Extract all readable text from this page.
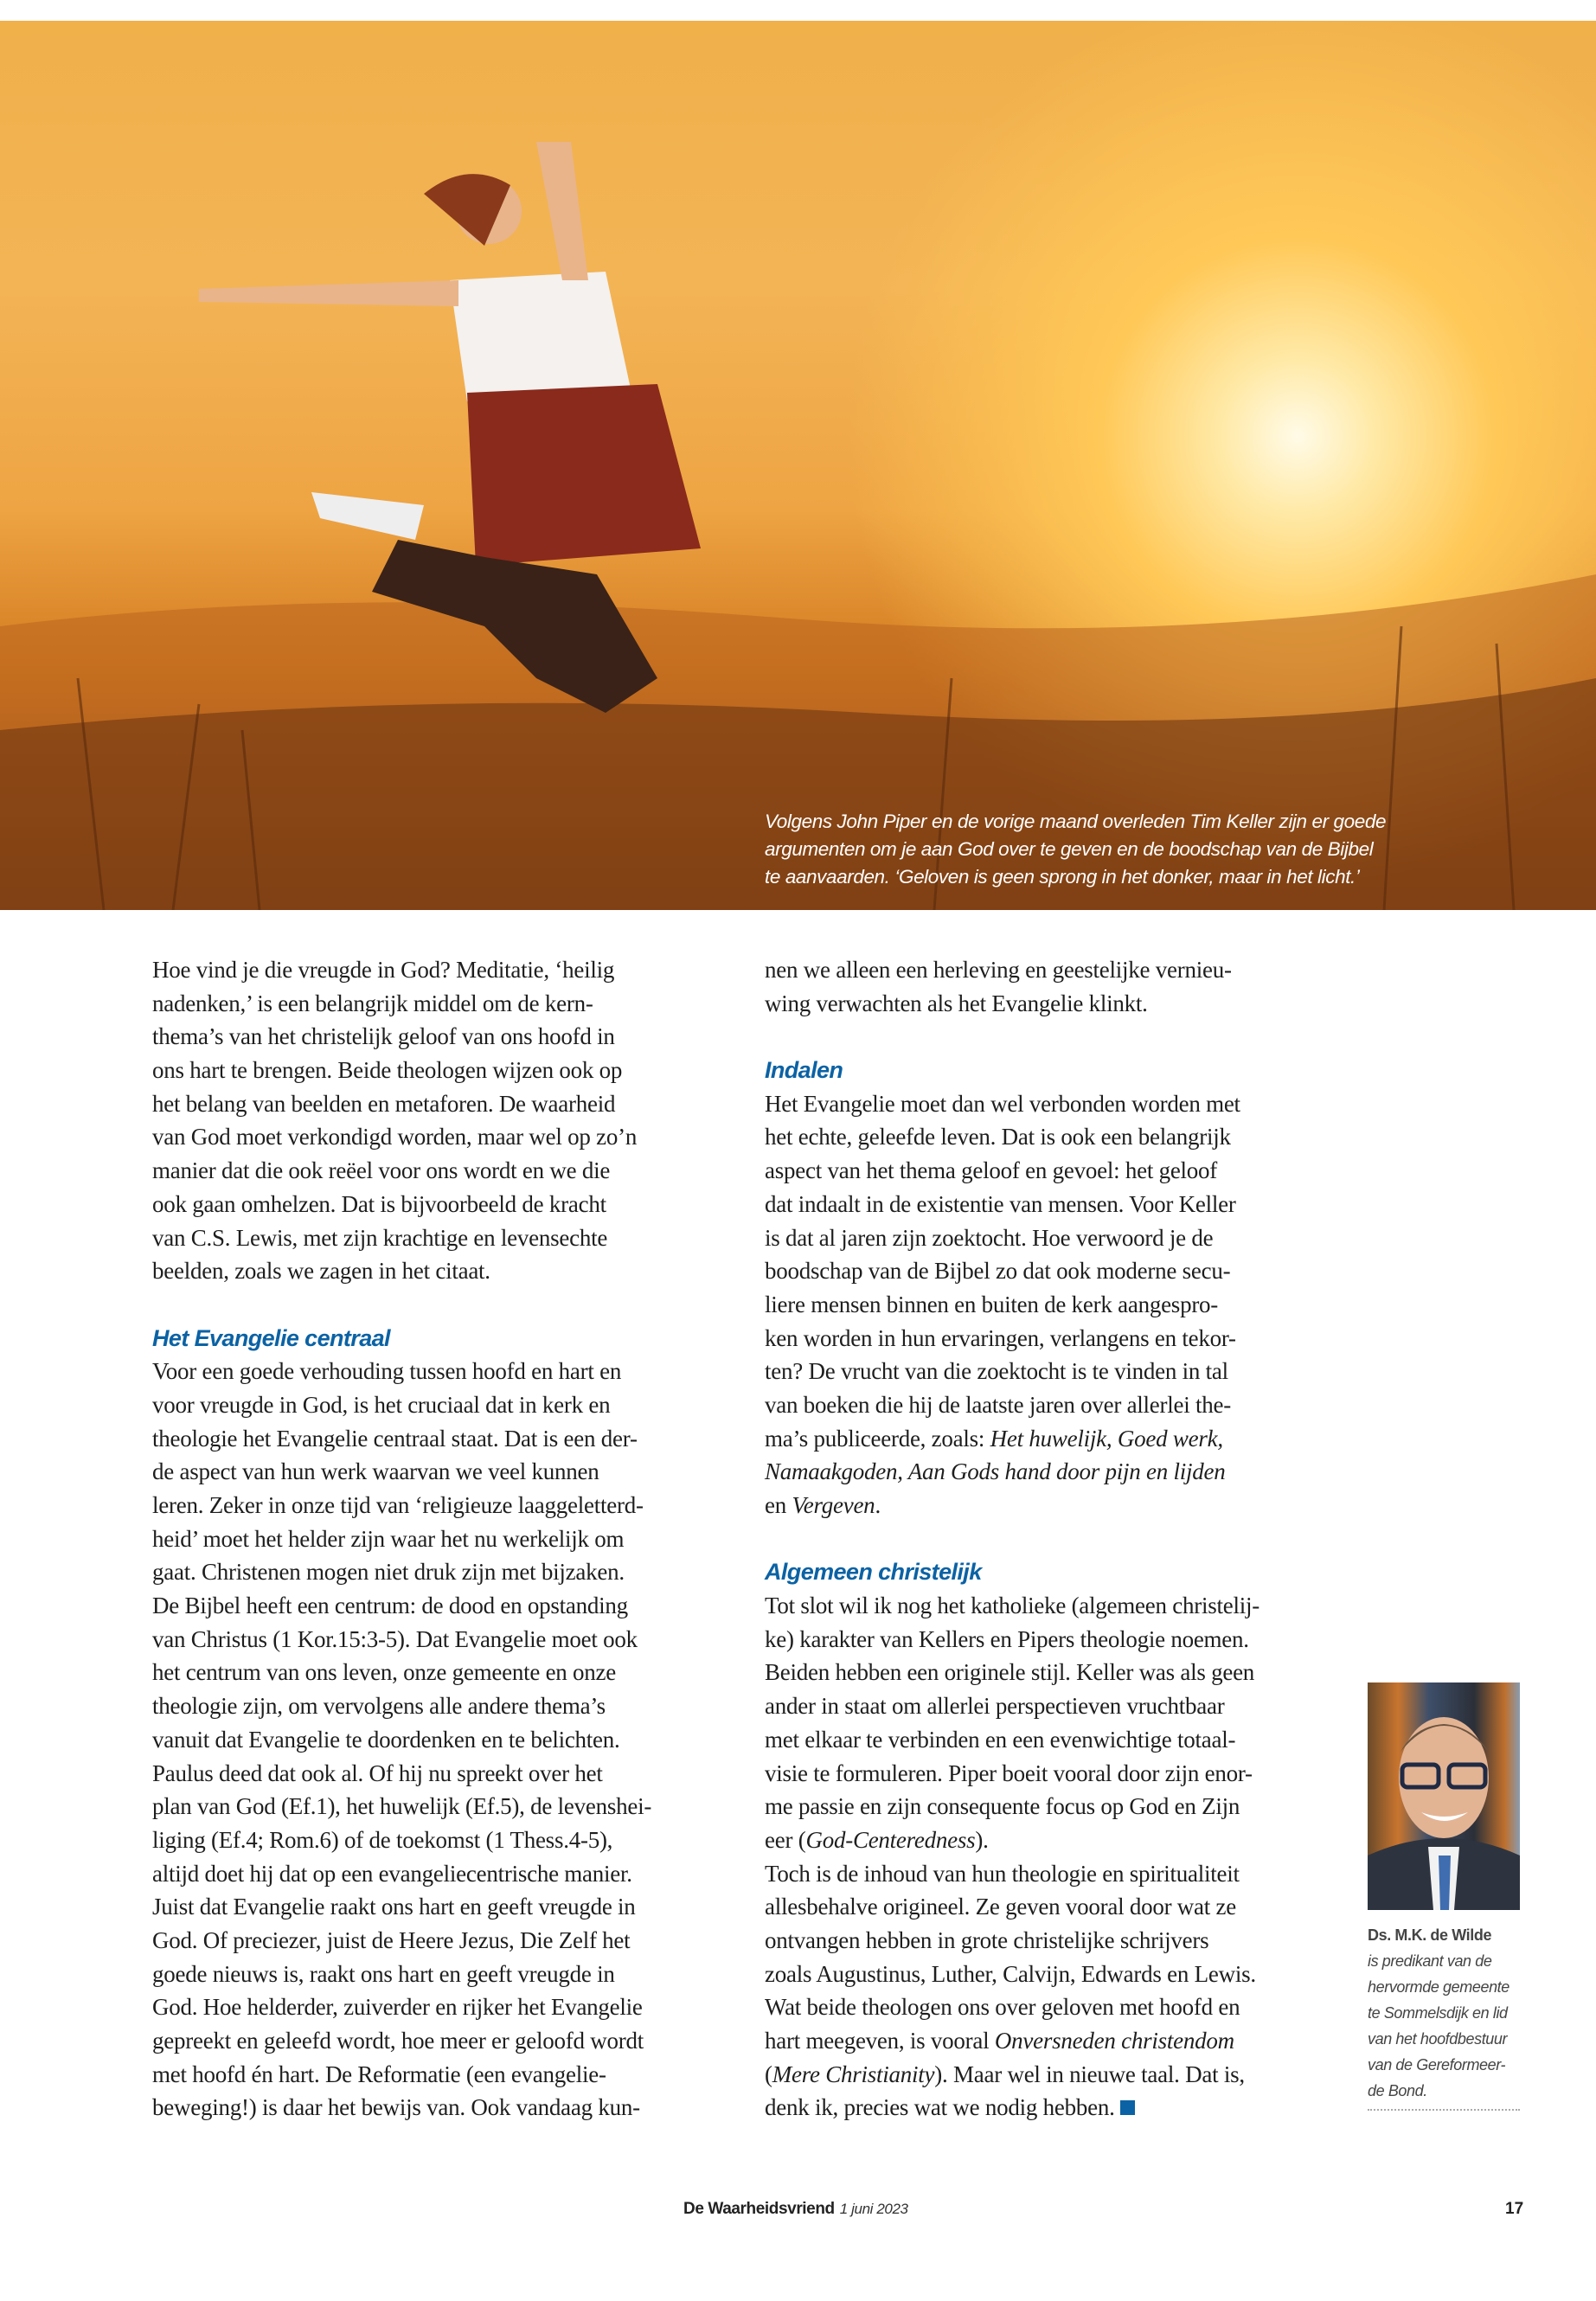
Volgens John Piper en de vorige maand overleden Tim Keller zijn er goede
argumenten om je aan God over te geven en de boodschap van de Bijbel
te aanvaarden. ‘Geloven is geen sprong in het donker, maar in het licht.’
Hoe vind je die vreugde in God? Meditatie, ‘heilig
nadenken,’ is een belangrijk middel om de kern-
thema’s van het christelijk geloof van ons hoofd in
ons hart te brengen. Beide theologen wijzen ook op
het belang van beelden en metaforen. De waarheid
van God moet verkondigd worden, maar wel op zo’n
manier dat die ook reëel voor ons wordt en we die
ook gaan omhelzen. Dat is bijvoorbeeld de kracht
van C.S. Lewis, met zijn krachtige en levensechte
beelden, zoals we zagen in het citaat.
Het Evangelie centraal
Voor een goede verhouding tussen hoofd en hart en
voor vreugde in God, is het cruciaal dat in kerk en
theologie het Evangelie centraal staat. Dat is een der-
de aspect van hun werk waarvan we veel kunnen
leren. Zeker in onze tijd van ‘religieuze laaggeletterd-
heid’ moet het helder zijn waar het nu werkelijk om
gaat. Christenen mogen niet druk zijn met bijzaken.
De Bijbel heeft een centrum: de dood en opstanding
van Christus (1 Kor.15:3-5). Dat Evangelie moet ook
het centrum van ons leven, onze gemeente en onze
theologie zijn, om vervolgens alle andere thema’s
vanuit dat Evangelie te doordenken en te belichten.
Paulus deed dat ook al. Of hij nu spreekt over het
plan van God (Ef.1), het huwelijk (Ef.5), de levenshei-
liging (Ef.4; Rom.6) of de toekomst (1 Thess.4-5),
altijd doet hij dat op een evangeliecentrische manier.
Juist dat Evangelie raakt ons hart en geeft vreugde in
God. Of preciezer, juist de Heere Jezus, Die Zelf het
goede nieuws is, raakt ons hart en geeft vreugde in
God. Hoe helderder, zuiverder en rijker het Evangelie
gepreekt en geleefd wordt, hoe meer er geloofd wordt
met hoofd én hart. De Reformatie (een evangelie-
beweging!) is daar het bewijs van. Ook vandaag kun-
nen we alleen een herleving en geestelijke vernieu-
wing verwachten als het Evangelie klinkt.
Indalen
Het Evangelie moet dan wel verbonden worden met
het echte, geleefde leven. Dat is ook een belangrijk
aspect van het thema geloof en gevoel: het geloof
dat indaalt in de existentie van mensen. Voor Keller
is dat al jaren zijn zoektocht. Hoe verwoord je de
boodschap van de Bijbel zo dat ook moderne secu-
liere mensen binnen en buiten de kerk aangespro-
ken worden in hun ervaringen, verlangens en tekor-
ten? De vrucht van die zoektocht is te vinden in tal
van boeken die hij de laatste jaren over allerlei the-
ma’s publiceerde, zoals: Het huwelijk, Goed werk,
Namaakgoden, Aan Gods hand door pijn en lijden
en Vergeven.
Algemeen christelijk
Tot slot wil ik nog het katholieke (algemeen christelij-
ke) karakter van Kellers en Pipers theologie noemen.
Beiden hebben een originele stijl. Keller was als geen
ander in staat om allerlei perspectieven vruchtbaar
met elkaar te verbinden en een evenwichtige totaal-
visie te formuleren. Piper boeit vooral door zijn enor-
me passie en zijn consequente focus op God en Zijn
eer (God-Centeredness).
Toch is de inhoud van hun theologie en spiritualiteit
allesbehalve origineel. Ze geven vooral door wat ze
ontvangen hebben in grote christelijke schrijvers
zoals Augustinus, Luther, Calvijn, Edwards en Lewis.
Wat beide theologen ons over geloven met hoofd en
hart meegeven, is vooral Onversneden christendom
(Mere Christianity). Maar wel in nieuwe taal. Dat is,
denk ik, precies wat we nodig hebben.
Ds. M.K. de Wilde
is predikant van de
hervormde gemeente
te Sommelsdijk en lid
van het hoofdbestuur
van de Gereformeer-
de Bond.
De Waarheidsvriend 1 juni 2023	17
